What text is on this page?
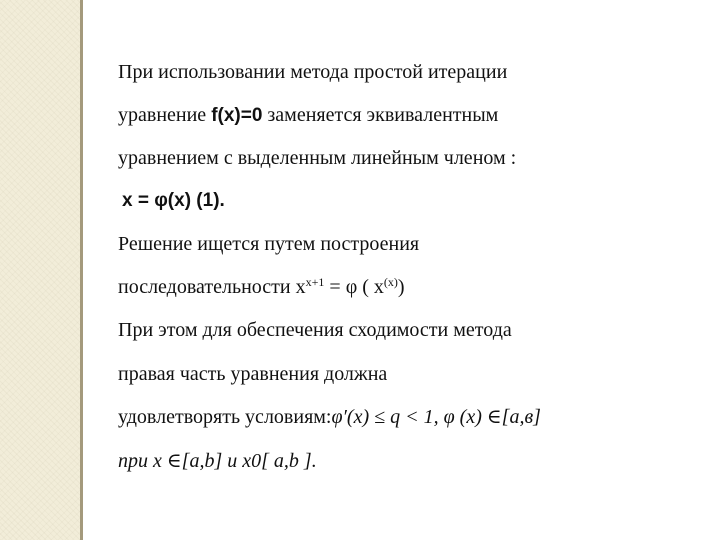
При использовании метода простой итерации
уравнение f(x)=0 заменяется эквивалентным
уравнением с выделенным линейным членом :
x = φ(x) (1).
Решение ищется путем построения
последовательности $x^{x+1} = \varphi$ ( $x^{(x)}$)
При этом для обеспечения сходимости метода
правая часть уравнения должна
удовлетворять условиям:φ′(x) ≤ q < 1, φ (x) ∈[a,в]
при x ∈[a,b] и x0[ a,b ].
